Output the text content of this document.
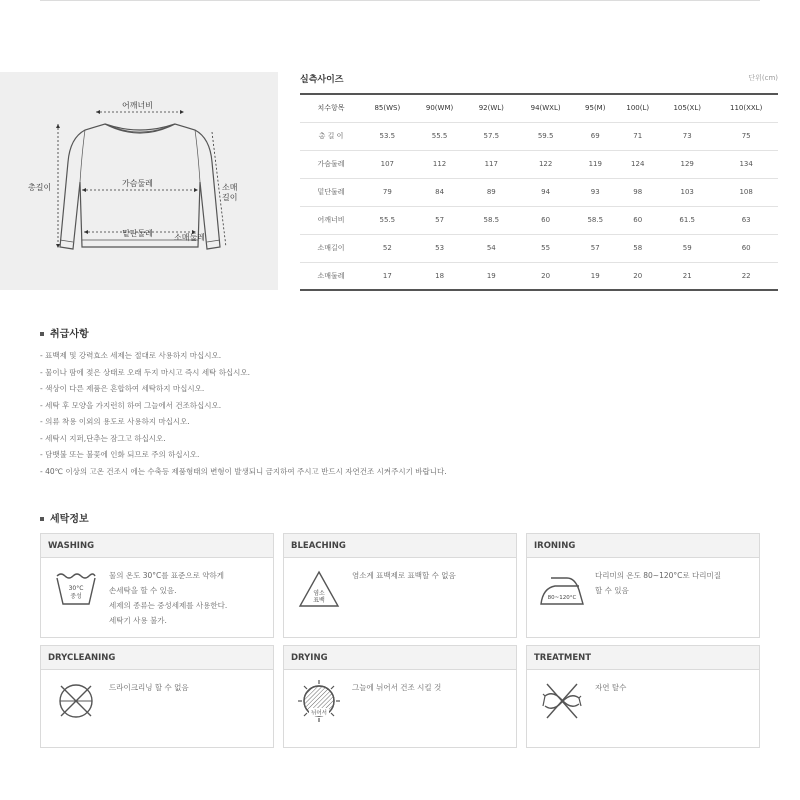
어깨너비
가슴둘레
총길이	소매
길이
밑단둘레	소매둘레
실측사이즈	단위(cm)
치수항목	85(WS)	90(WM)	92(WL)	94(WXL)	95(M)	100(L)	105(XL)	110(XXL)
총 길 이	53.5	55.5	57.5	59.5	69	71	73	75
가슴둘레	107	112	117	122	119	124	129	134
밑단둘레	79	84	89	94	93	98	103	108
어깨너비	55.5	57	58.5	60	58.5	60	61.5	63
소매길이	52	53	54	55	57	58	59	60
소매둘레	17	18	19	20	19	20	21	22
취급사항
- 표백제 및 강력효소 세제는 절대로 사용하지 마십시오.
- 물이나 땀에 젖은 상태로 오래 두지 마시고 즉시 세탁 하십시오.
- 색상이 다른 제품은 혼합하여 세탁하지 마십시오.
- 세탁 후 모양을 가지런히 하여 그늘에서 건조하십시오.
- 의류 착용 이외의 용도로 사용하지 마십시오.
- 세탁시 지퍼,단추는 잠그고 하십시오.
- 담뱃불 또는 불꽃에 인화 되므로 주의 하십시오.
- 40℃ 이상의 고온 건조시 에는 수축등 제품형태의 변형이 발생되니 금지하여 주시고 반드시 자연건조 시켜주시기 바랍니다.
세탁정보
WASHING
30°C
중성
물의 온도 30°C를 표준으로 약하게
손세탁을 할 수 있음.
세제의 종류는 중성세제를 사용한다.
세탁기 사용 불가.
BLEACHING
염소
표백
염소계 표백제로 표백할 수 없음
IRONING
80~120°C
다리미의 온도 80~120°C로 다리미질
할 수 있음
DRYCLEANING
드라이크리닝 할 수 없음
DRYING
뉘어서
그늘에 뉘어서 건조 시킬 것
TREATMENT
자연 탈수
